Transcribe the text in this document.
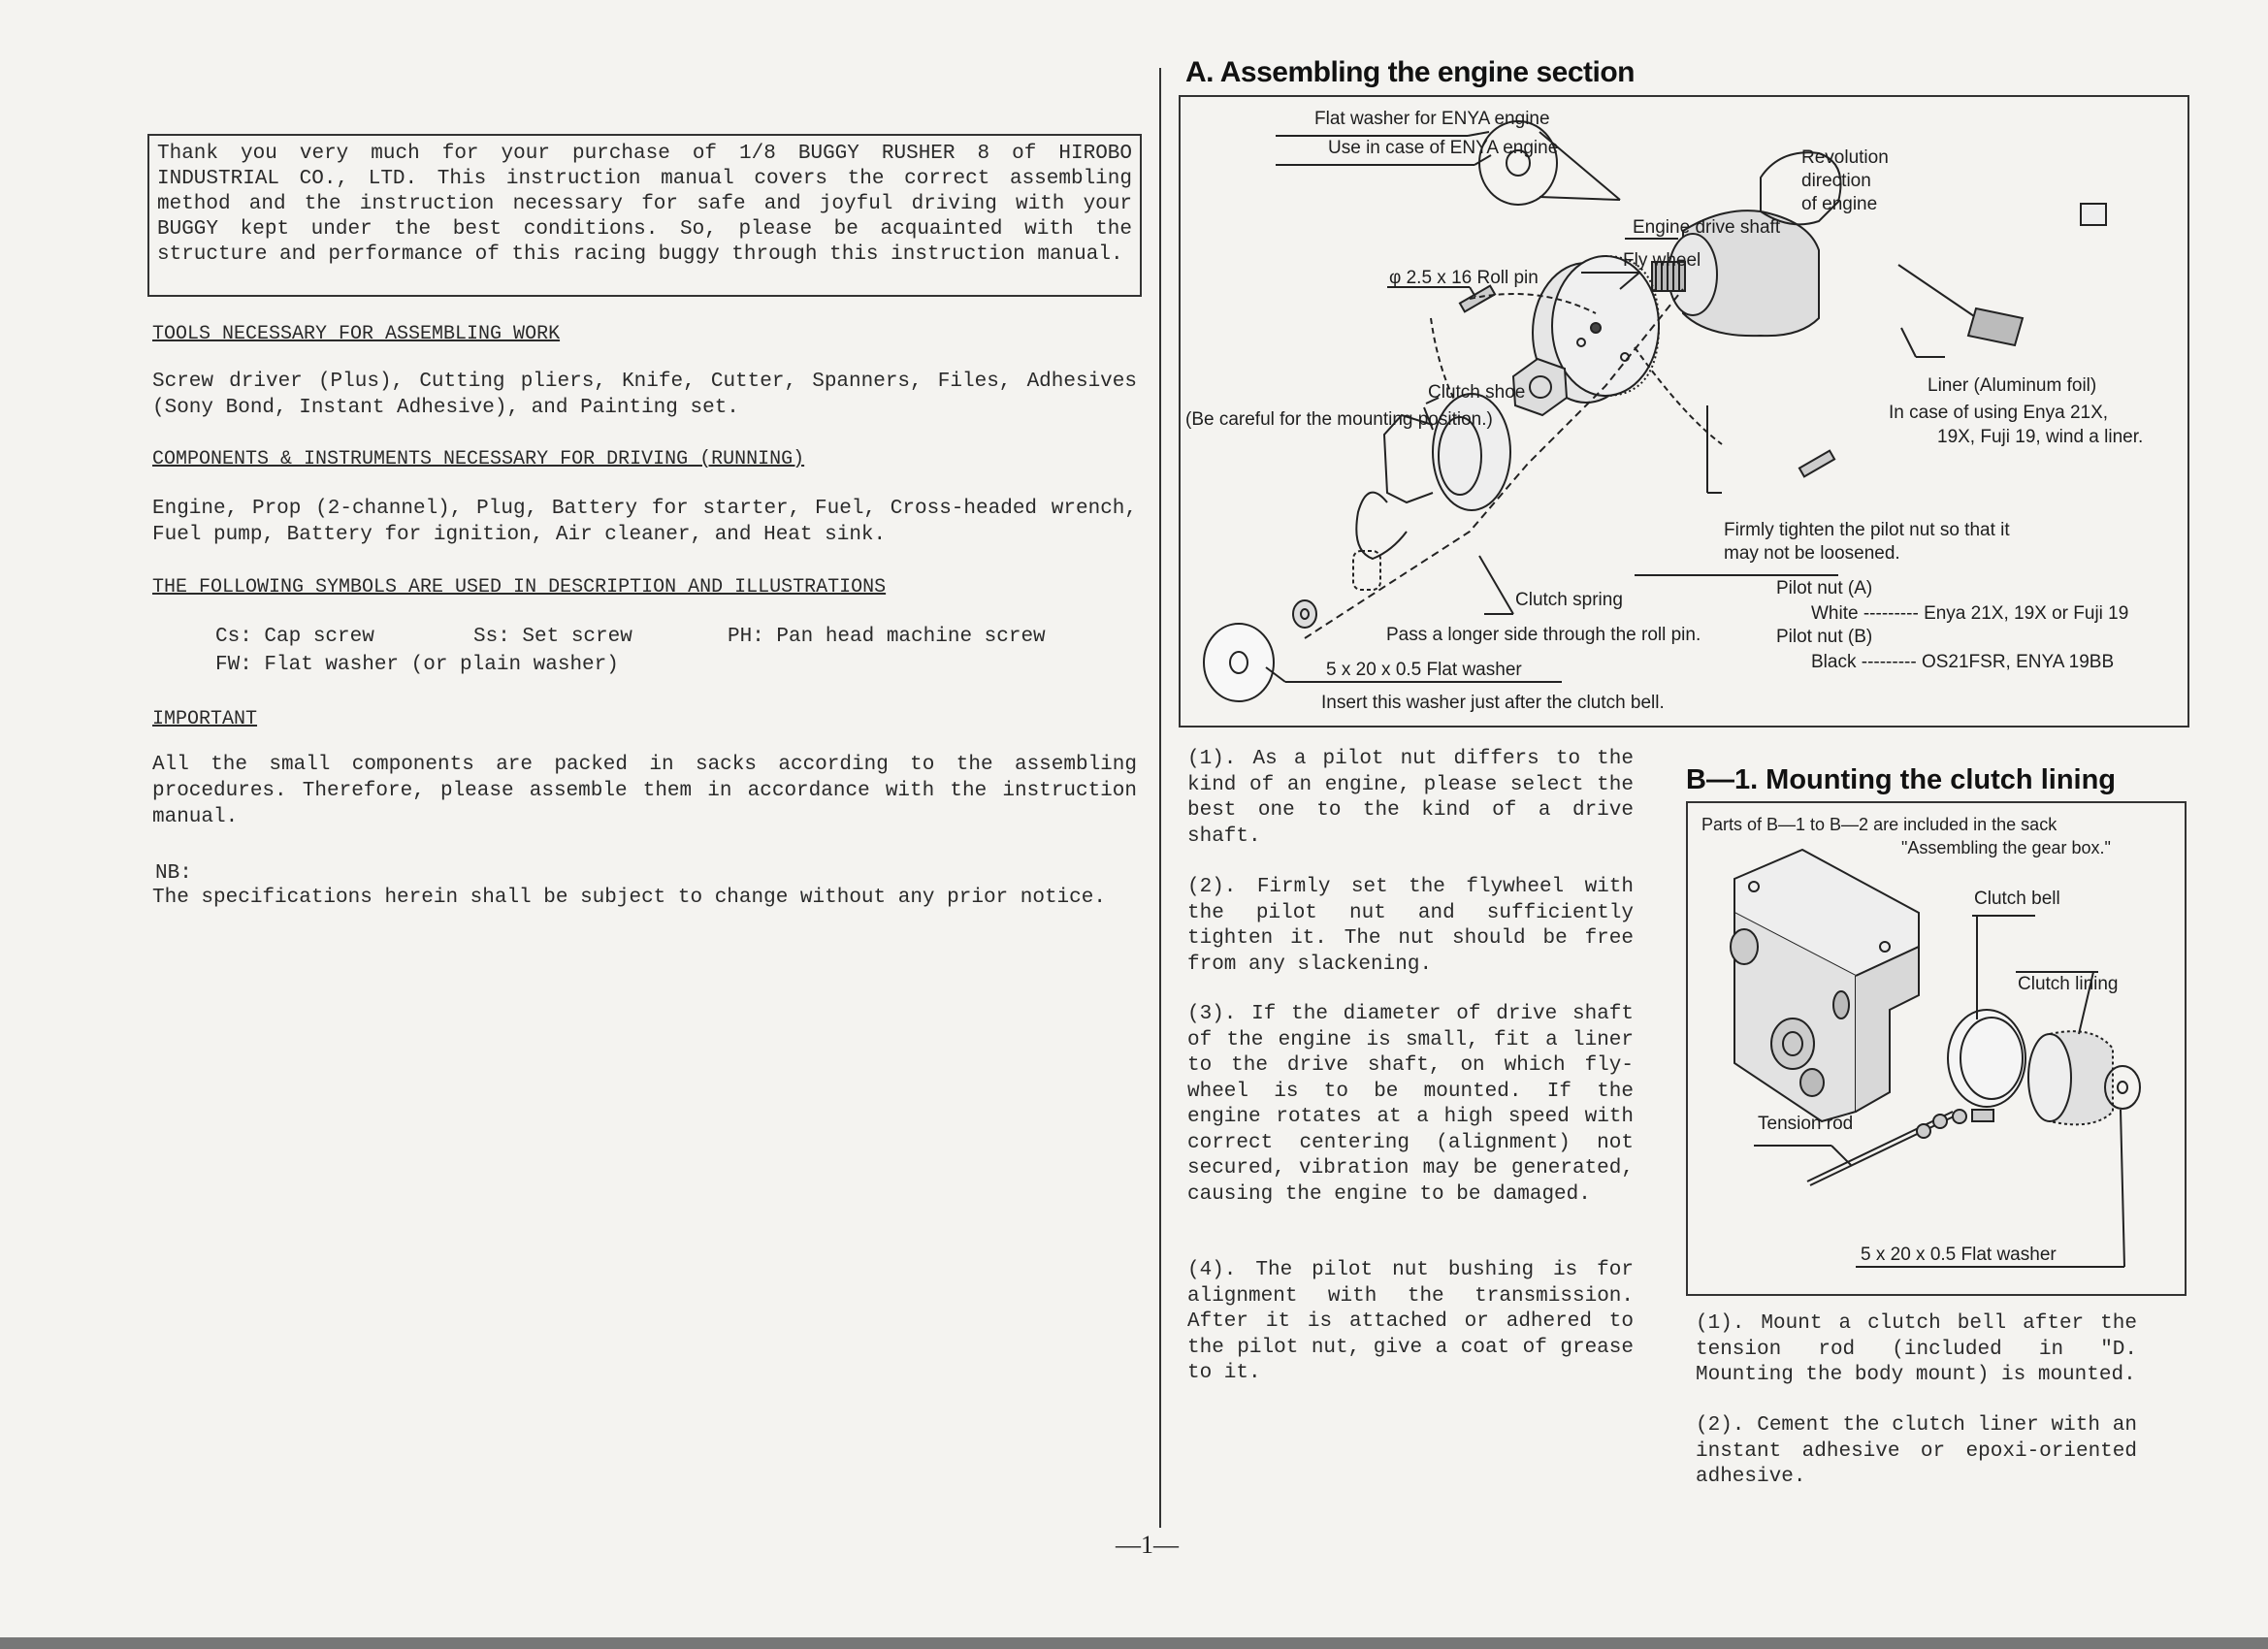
Thank you very much for your purchase of 1/8 BUGGY RUSHER 8 of HIROBO INDUSTRIAL CO., LTD. This instruction manual covers the correct assembling method and the instruction necessary for safe and joyful driving with your BUGGY kept under the best conditions. So, please be acquainted with the structure and performance of this racing buggy through this instruction manual.
TOOLS NECESSARY FOR ASSEMBLING WORK
Screw driver (Plus), Cutting pliers, Knife, Cutter, Spanners, Files, Adhesives (Sony Bond, Instant Adhesive), and Painting set.
COMPONENTS & INSTRUMENTS NECESSARY FOR DRIVING (RUNNING)
Engine, Prop (2-channel), Plug, Battery for starter, Fuel, Cross-headed wrench, Fuel pump, Battery for ignition, Air cleaner, and Heat sink.
THE FOLLOWING SYMBOLS ARE USED IN DESCRIPTION AND ILLUSTRATIONS
Cs: Cap screw	Ss: Set screw	PH: Pan head machine screw
FW: Flat washer (or plain washer)
IMPORTANT
All the small components are packed in sacks according to the assembling procedures. Therefore, please assemble them in accordance with the instruction manual.
NB:
The specifications herein shall be subject to change without any prior notice.
A. Assembling the engine section
Flat washer for ENYA engine
Use in case of ENYA engine	Revolution
direction
of engine
Engine drive shaft
Fly wheel
φ 2.5 x 16 Roll pin
Clutch shoe
(Be careful for the mounting position.)
Liner (Aluminum foil)
In case of using Enya 21X,
19X, Fuji 19, wind a liner.
Firmly tighten the pilot nut so that it
may not be loosened.
Clutch spring
Pass a longer side through the roll pin.
Pilot nut (A)
White --------- Enya 21X, 19X or Fuji 19
Pilot nut (B)
Black --------- OS21FSR, ENYA 19BB
5 x 20 x 0.5 Flat washer
Insert this washer just after the clutch bell.
(1). As a pilot nut differs to the kind of an engine, please select the best one to the kind of a drive shaft.
(2). Firmly set the flywheel with the pilot nut and sufficiently tighten it. The nut should be free from any slackening.
(3). If the diameter of drive shaft of the engine is small, fit a liner to the drive shaft, on which fly-wheel is to be mounted. If the engine rotates at a high speed with correct centering (alignment) not secured, vibration may be generated, causing the engine to be damaged.
(4). The pilot nut bushing is for alignment with the transmission. After it is attached or adhered to the pilot nut, give a coat of grease to it.
B—1. Mounting the clutch lining
Parts of B—1 to B—2 are included in the sack
"Assembling the gear box."
Clutch bell
Clutch lining
Tension rod
5 x 20 x 0.5 Flat washer
(1). Mount a clutch bell after the tension rod (included in "D. Mounting the body mount) is mounted.
(2). Cement the clutch liner with an instant adhesive or epoxi-oriented adhesive.
—1—
